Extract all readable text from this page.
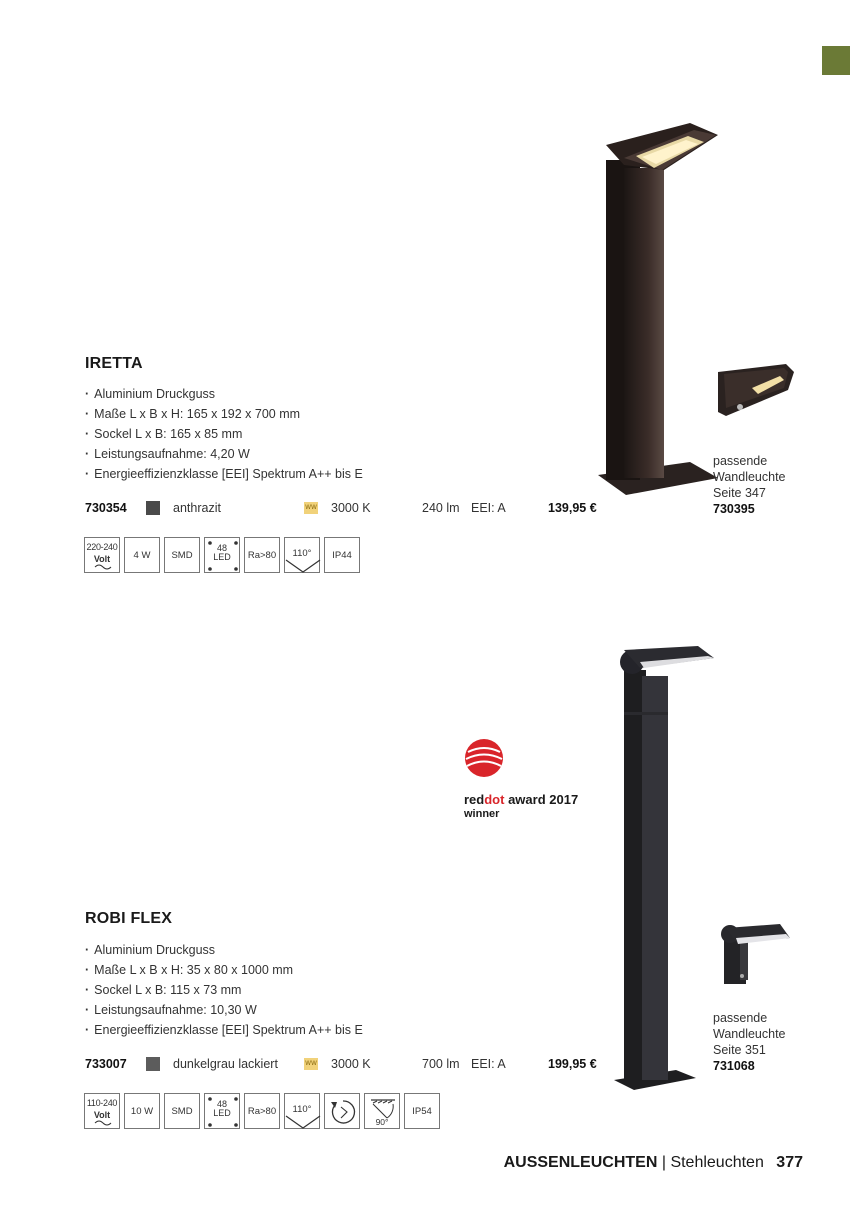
IRETTA
· Aluminium Druckguss
· Maße L x B x H: 165 x 192 x 700 mm
· Sockel L x B: 165 x 85 mm
· Leistungsaufnahme: 4,20 W
· Energieeffizienzklasse [EEI] Spektrum A++ bis E
730354	anthrazit	WW 3000 K	240 lm EEI: A	139,95 €
220-240
Volt	4 W	SMD
48
LED	Ra>80	110°	IP44
passende
Wandleuchte
Seite 347
730395
reddot award 2017
winner
ROBI FLEX
· Aluminium Druckguss
· Maße L x B x H: 35 x 80 x 1000 mm
· Sockel L x B: 115 x 73 mm
· Leistungsaufnahme: 10,30 W
· Energieeffizienzklasse [EEI] Spektrum A++ bis E
733007	dunkelgrau lackiert	WW 3000 K	700 lm EEI: A	199,95 €
110-240
Volt	10 W	SMD
48
LED	Ra>80	110°
90°
IP54
passende
Wandleuchte
Seite 351
731068
AUSSENLEUCHTEN | Stehleuchten 377
